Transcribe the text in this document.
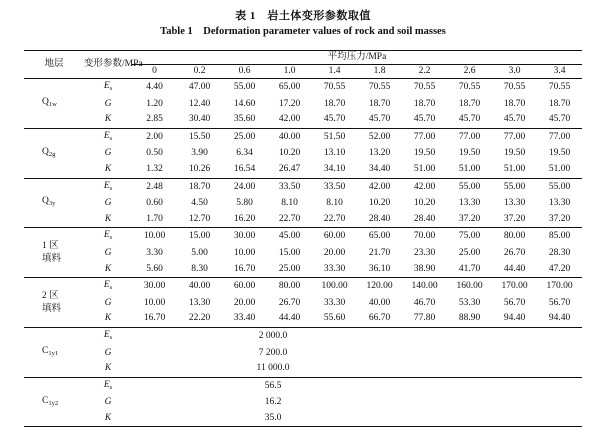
表 1　岩土体变形参数取值
Table 1　Deformation parameter values of rock and soil masses
地层	变形参数/MPa	平均压力/MPa									
		0	0.2	0.6	1.0	1.4	1.8	2.2	2.6	3.0	3.4
$Q_{1w}$	$E_s$	4.40	47.00	55.00	65.00	70.55	70.55	70.55	70.55	70.55	70.55
	G	1.20	12.40	14.60	17.20	18.70	18.70	18.70	18.70	18.70	18.70
	K	2.85	30.40	35.60	42.00	45.70	45.70	45.70	45.70	45.70	45.70
$Q_{2g}$	$E_s$	2.00	15.50	25.00	40.00	51.50	52.00	77.00	77.00	77.00	77.00
	G	0.50	3.90	6.34	10.20	13.10	13.20	19.50	19.50	19.50	19.50
	K	1.32	10.26	16.54	26.47	34.10	34.40	51.00	51.00	51.00	51.00
$Q_{3y}$	$E_s$	2.48	18.70	24.00	33.50	33.50	42.00	42.00	55.00	55.00	55.00
	G	0.60	4.50	5.80	8.10	8.10	10.20	10.20	13.30	13.30	13.30
	K	1.70	12.70	16.20	22.70	22.70	28.40	28.40	37.20	37.20	37.20
1 区
填料	$E_s$	10.00	15.00	30.00	45.00	60.00	65.00	70.00	75.00	80.00	85.00
	G	3.30	5.00	10.00	15.00	20.00	21.70	23.30	25.00	26.70	28.30
	K	5.60	8.30	16.70	25.00	33.30	36.10	38.90	41.70	44.40	47.20
2 区
填料	$E_s$	30.00	40.00	60.00	80.00	100.00	120.00	140.00	160.00	170.00	170.00
	G	10.00	13.30	20.00	26.70	33.30	40.00	46.70	53.30	56.70	56.70
	K	16.70	22.20	33.40	44.40	55.60	66.70	77.80	88.90	94.40	94.40
$C_{1y1}$	$E_s$	2 000.0									
	G	7 200.0									
	K	11 000.0									
$C_{1y2}$	$E_s$	56.5									
	G	16.2									
	K	35.0									
